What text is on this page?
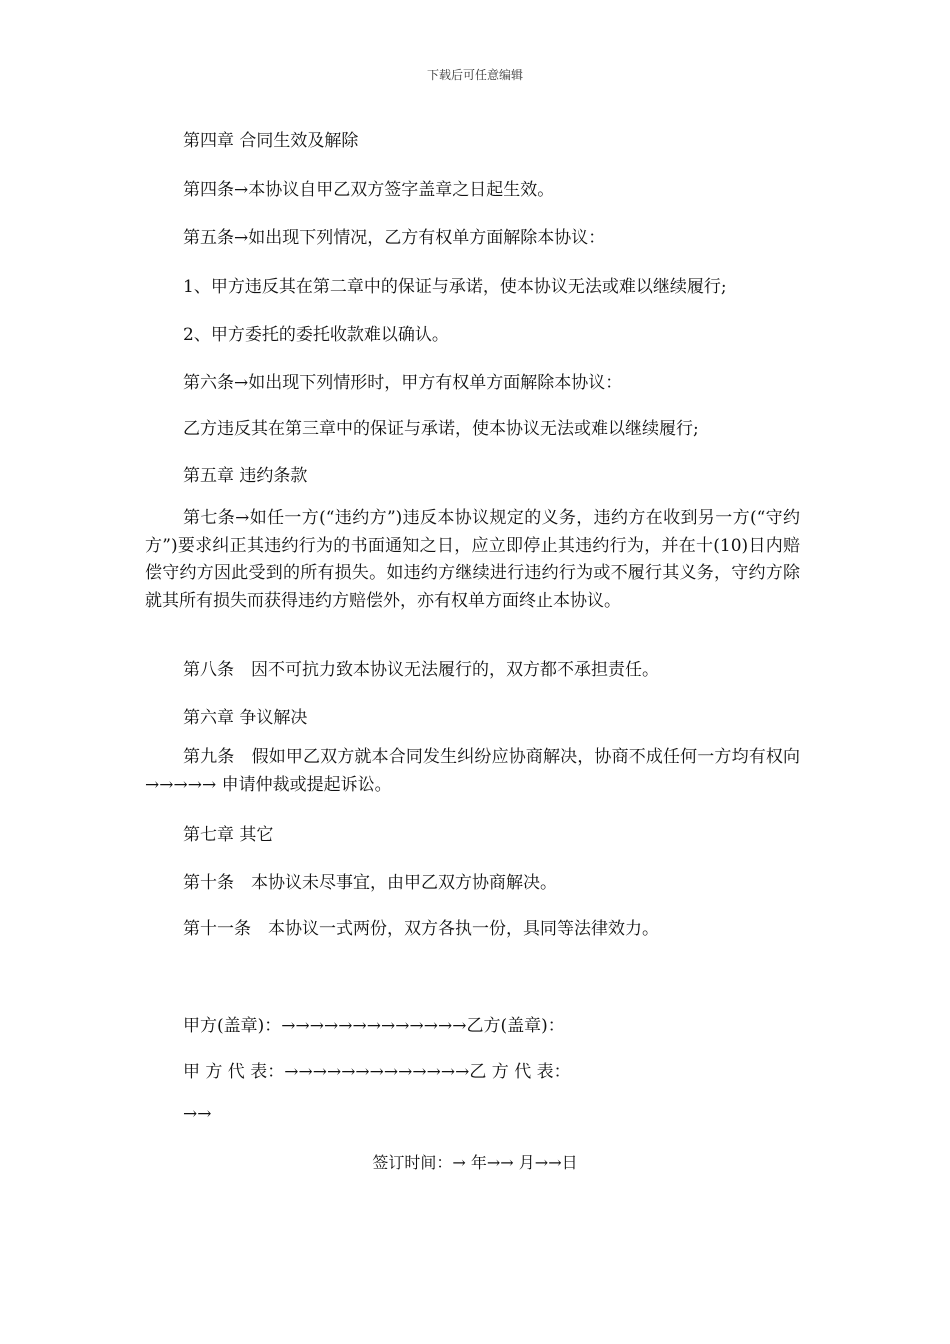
下载后可任意编辑
第四章 合同生效及解除
第四条→本协议自甲乙双方签字盖章之日起生效。
第五条→如出现下列情况，乙方有权单方面解除本协议：
1、甲方违反其在第二章中的保证与承诺，使本协议无法或难以继续履行;
2、甲方委托的委托收款难以确认。
第六条→如出现下列情形时，甲方有权单方面解除本协议：
乙方违反其在第三章中的保证与承诺，使本协议无法或难以继续履行;
第五章 违约条款
第七条→如任一方(“违约方”)违反本协议规定的义务，违约方在收到另一方(“守约方”)要求纠正其违约行为的书面通知之日，应立即停止其违约行为，并在十(10)日内赔偿守约方因此受到的所有损失。如违约方继续进行违约行为或不履行其义务，守约方除就其所有损失而获得违约方赔偿外，亦有权单方面终止本协议。
第八条　因不可抗力致本协议无法履行的，双方都不承担责任。
第六章 争议解决
第九条　假如甲乙双方就本合同发生纠纷应协商解决，协商不成任何一方均有权向→→→→→ 申请仲裁或提起诉讼。
第七章 其它
第十条　本协议未尽事宜，由甲乙双方协商解决。
第十一条　本协议一式两份，双方各执一份，具同等法律效力。
甲方(盖章)：→→→→→→→→→→→→→乙方(盖章)：
甲 方 代 表：→→→→→→→→→→→→→乙 方 代 表：
→→
签订时间：→ 年→→ 月→→日
